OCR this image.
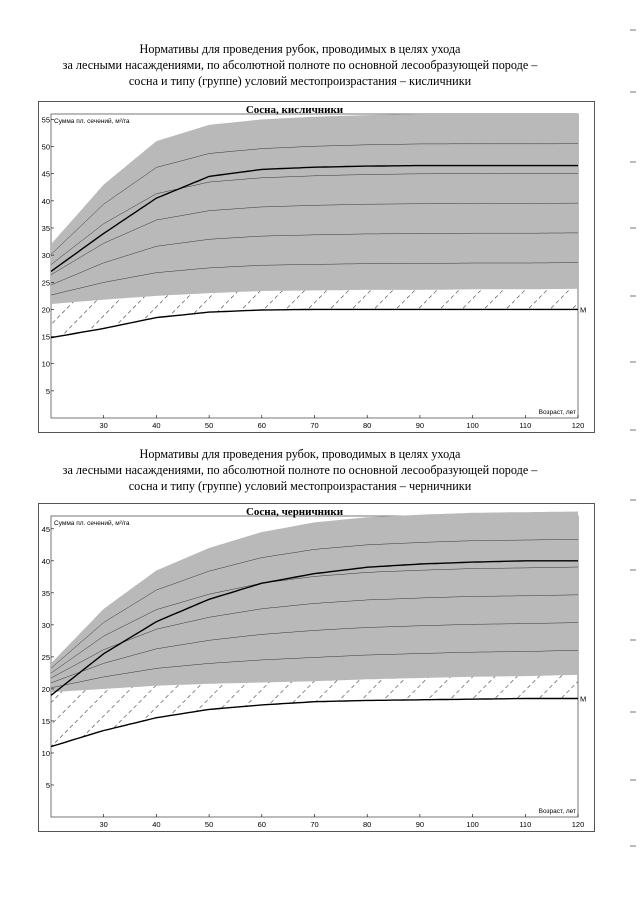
Нормативы для проведения рубок, проводимых в целях ухода
за лесными насаждениями, по абсолютной полноте по основной лесообразующей породе –
сосна и типу (группе) условий местопроизрастания – кисличники
М
30	40	50	60	70	80	90	100	110	120
5
10
15
20
25
30
35
40
45
50
55
Сосна, кисличники
Сумма пл. сечений, м²/га
Возраст, лет
Нормативы для проведения рубок, проводимых в целях ухода
за лесными насаждениями, по абсолютной полноте по основной лесообразующей породе –
сосна и типу (группе) условий местопроизрастания – черничники
М
30	40	50	60	70	80	90	100	110	120
5
10
15
20
25
30
35
40
45
Сосна, черничники
Сумма пл. сечений, м²/га
Возраст, лет
